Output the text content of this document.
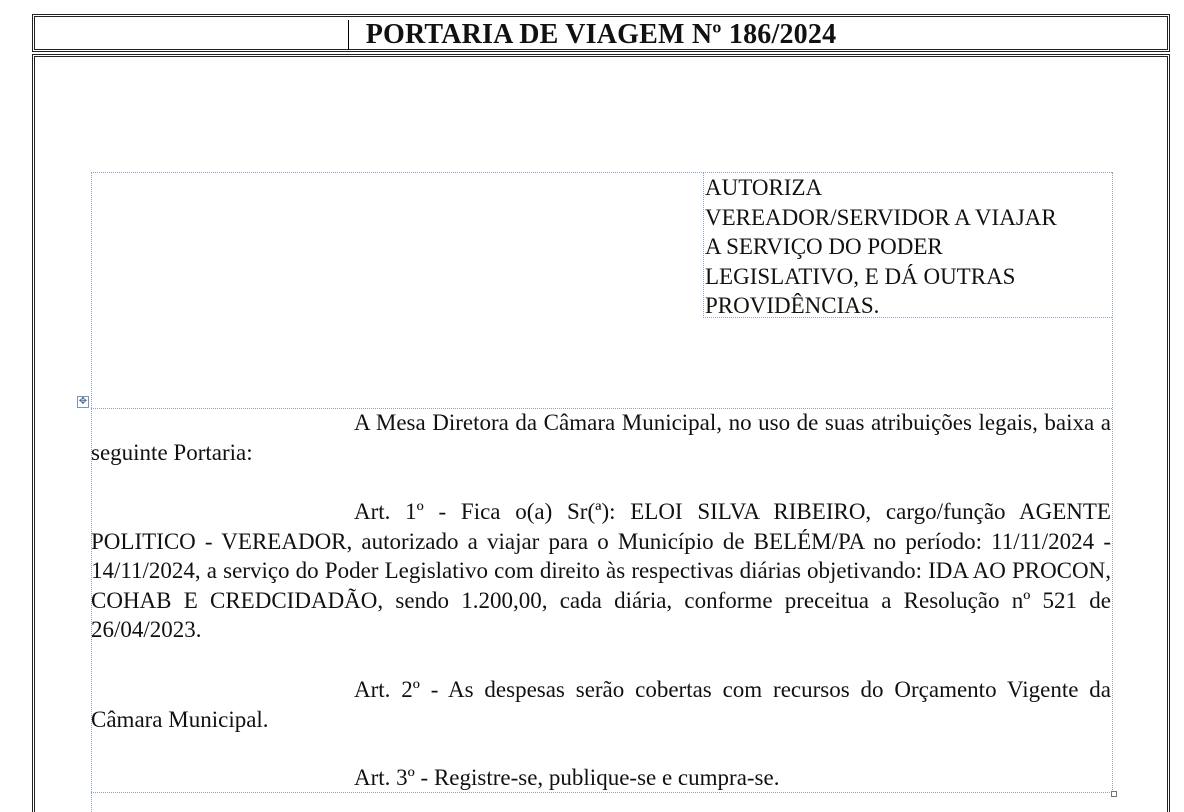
PORTARIA DE VIAGEM Nº 186/2024
AUTORIZA
VEREADOR/SERVIDOR A VIAJAR
A SERVIÇO DO PODER
LEGISLATIVO, E DÁ OUTRAS
PROVIDÊNCIAS.
✥
A Mesa Diretora da Câmara Municipal, no uso de suas atribuições legais, baixa a seguinte Portaria:
Art. 1º - Fica o(a) Sr(ª): ELOI SILVA RIBEIRO, cargo/função AGENTE POLITICO - VEREADOR, autorizado a viajar para o Município de BELÉM/PA no período: 11/11/2024 - 14/11/2024, a serviço do Poder Legislativo com direito às respectivas diárias objetivando: IDA AO PROCON, COHAB E CREDCIDADÃO, sendo 1.200,00, cada diária, conforme preceitua a Resolução nº 521 de 26/04/2023.
Art. 2º - As despesas serão cobertas com recursos do Orçamento Vigente da Câmara Municipal.
Art. 3º - Registre-se, publique-se e cumpra-se.
